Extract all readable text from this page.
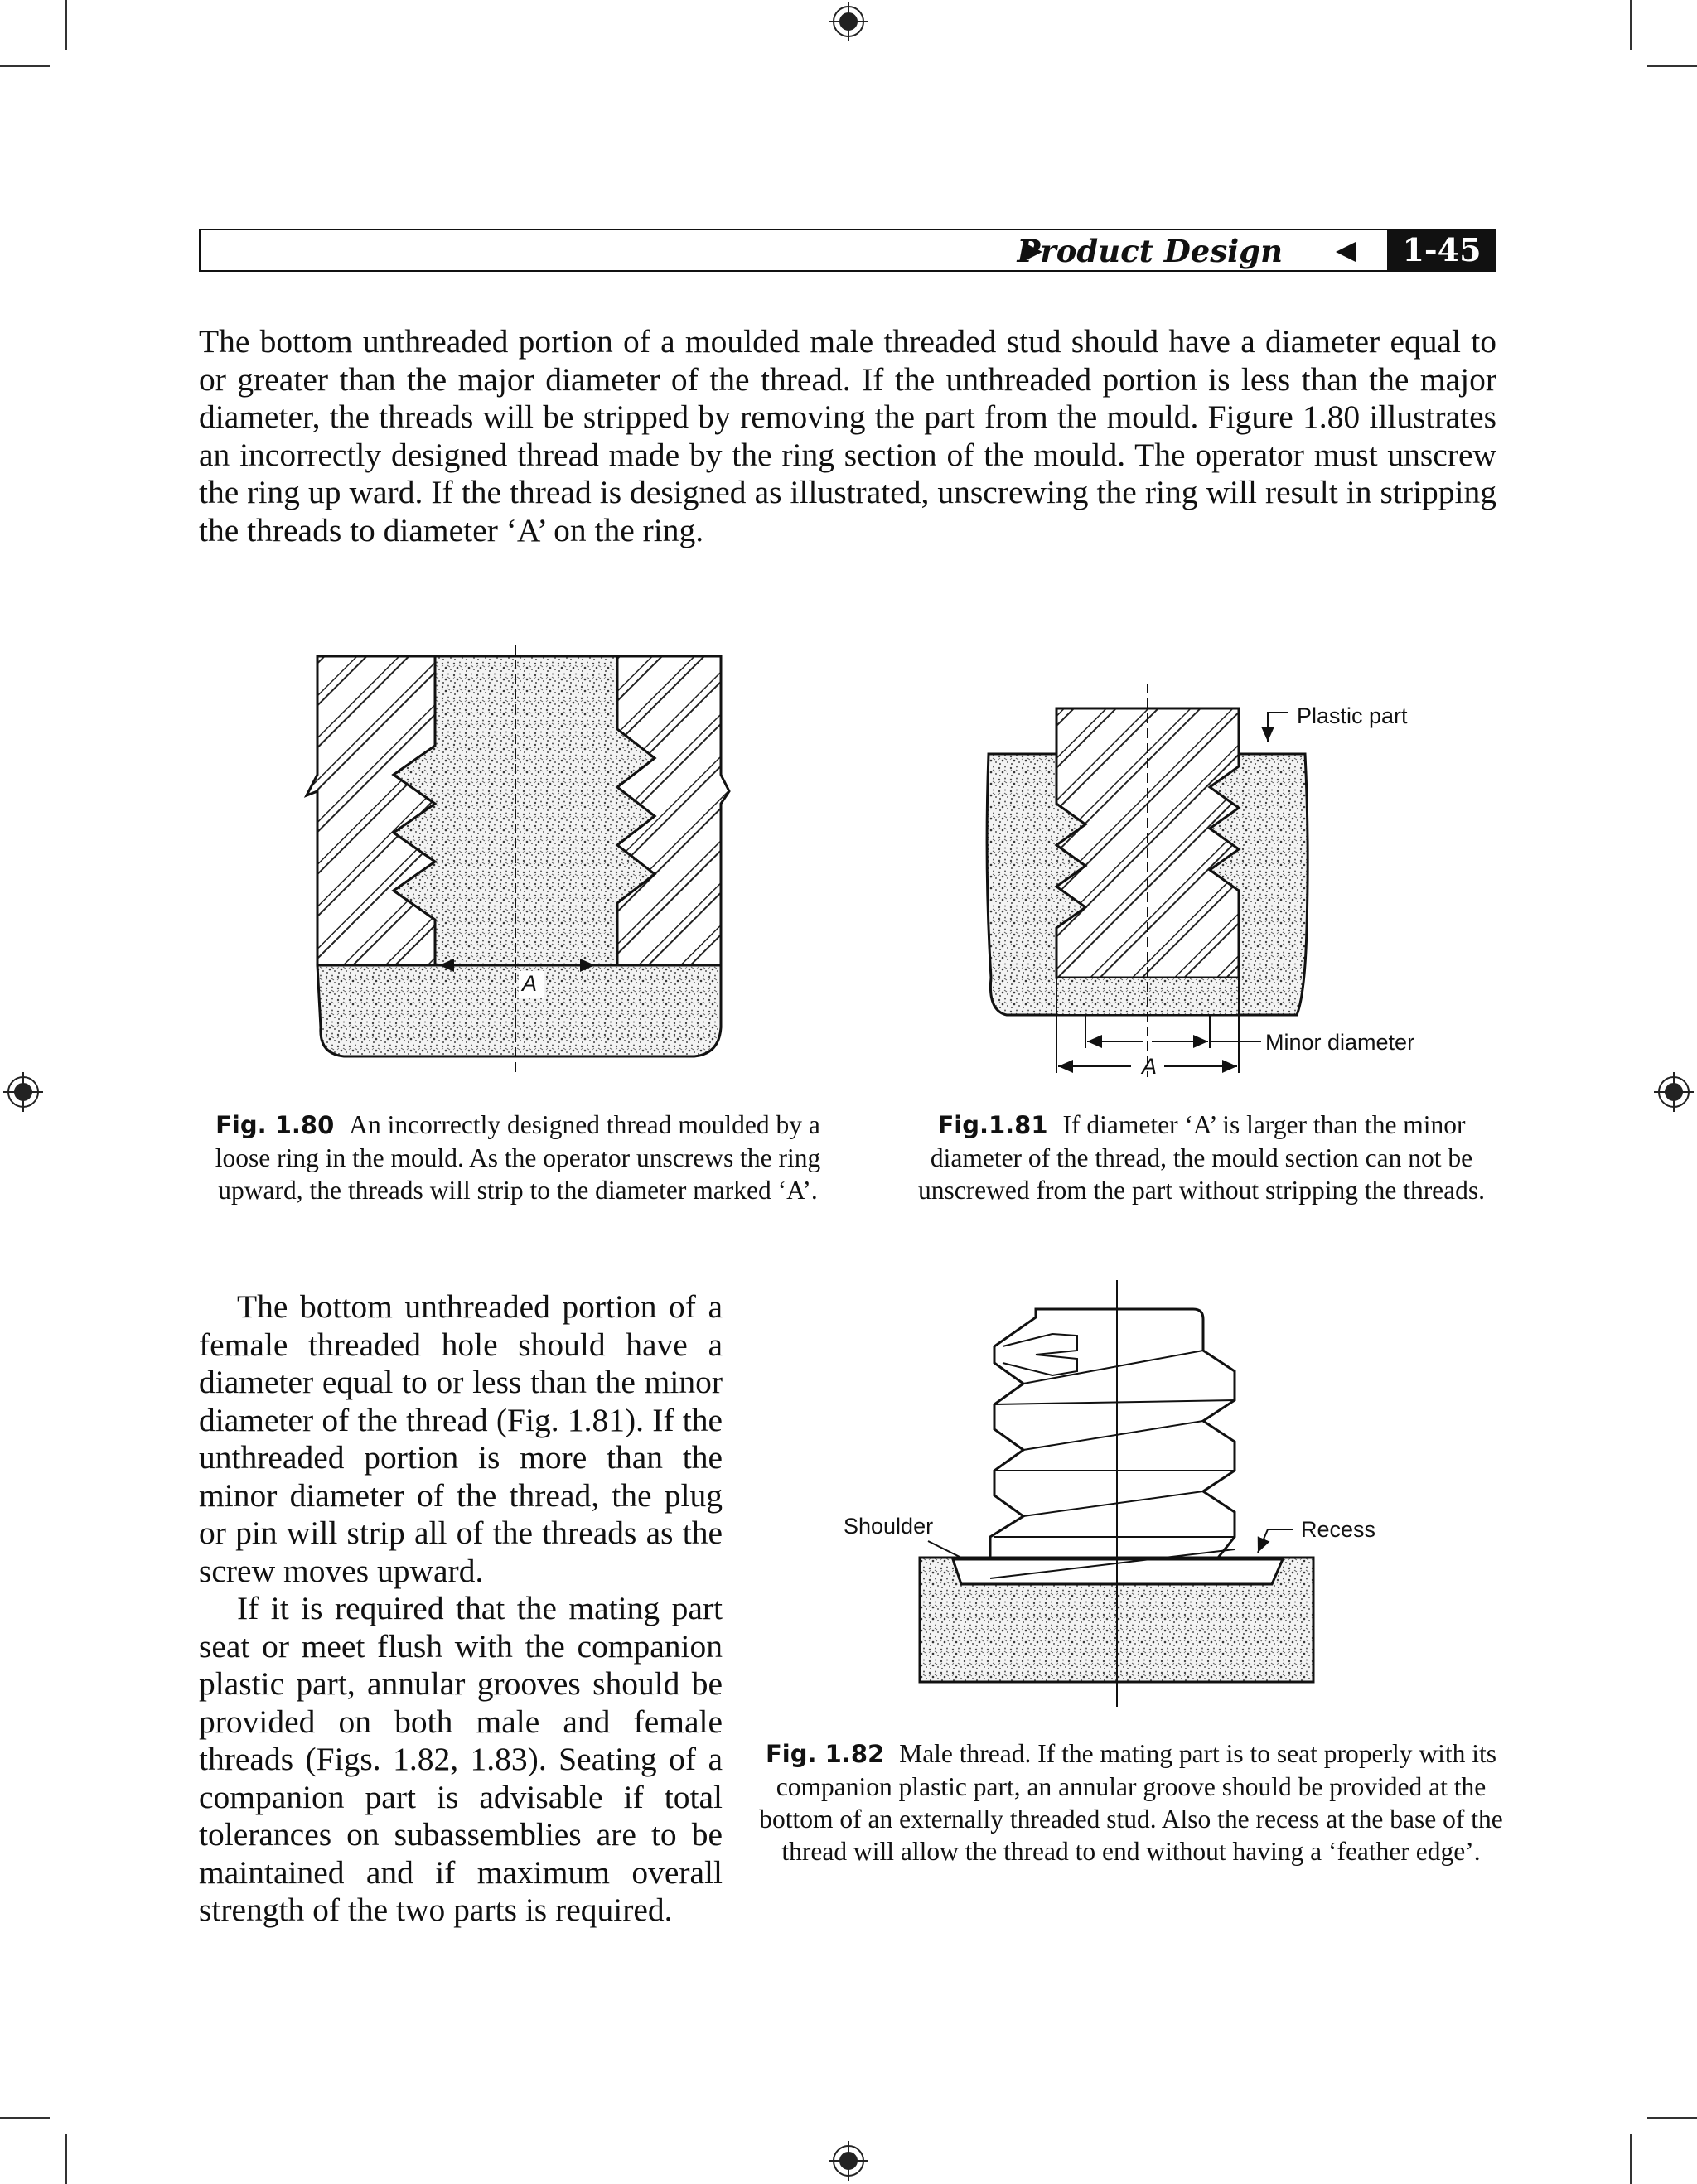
Product Design	1-45
The bottom unthreaded portion of a moulded male threaded stud should have a diameter equal to or greater than the major diameter of the thread. If the unthreaded portion is less than the major diameter, the threads will be stripped by removing the part from the mould. Figure 1.80 illustrates an incorrectly designed thread made by the ring section of the mould. The operator must unscrew the ring up ward. If the thread is designed as illustrated, unscrewing the ring will result in stripping the threads to diameter ‘A’ on the ring.
A
Plastic part
Minor diameter
A
Fig. 1.80 An incorrectly designed thread moulded by a loose ring in the mould. As the operator unscrews the ring upward, the threads will strip to the diameter marked ‘A’.
Fig.1.81 If diameter ‘A’ is larger than the minor diameter of the thread, the mould section can not be unscrewed from the part without stripping the threads.
The bottom unthreaded portion of a female threaded hole should have a diameter equal to or less than the minor diameter of the thread (Fig. 1.81). If the unthreaded portion is more than the minor diameter of the thread, the plug or pin will strip all of the threads as the screw moves upward.
If it is required that the mating part seat or meet flush with the companion plastic part, annular grooves should be provided on both male and female threads (Figs. 1.82, 1.83). Seating of a companion part is advisable if total tolerances on subassemblies are to be maintained and if maximum overall strength of the two parts is required.
Shoulder	Recess
Fig. 1.82 Male thread. If the mating part is to seat properly with its companion plastic part, an annular groove should be provided at the bottom of an externally threaded stud. Also the recess at the base of the thread will allow the thread to end without having a ‘feather edge’.
